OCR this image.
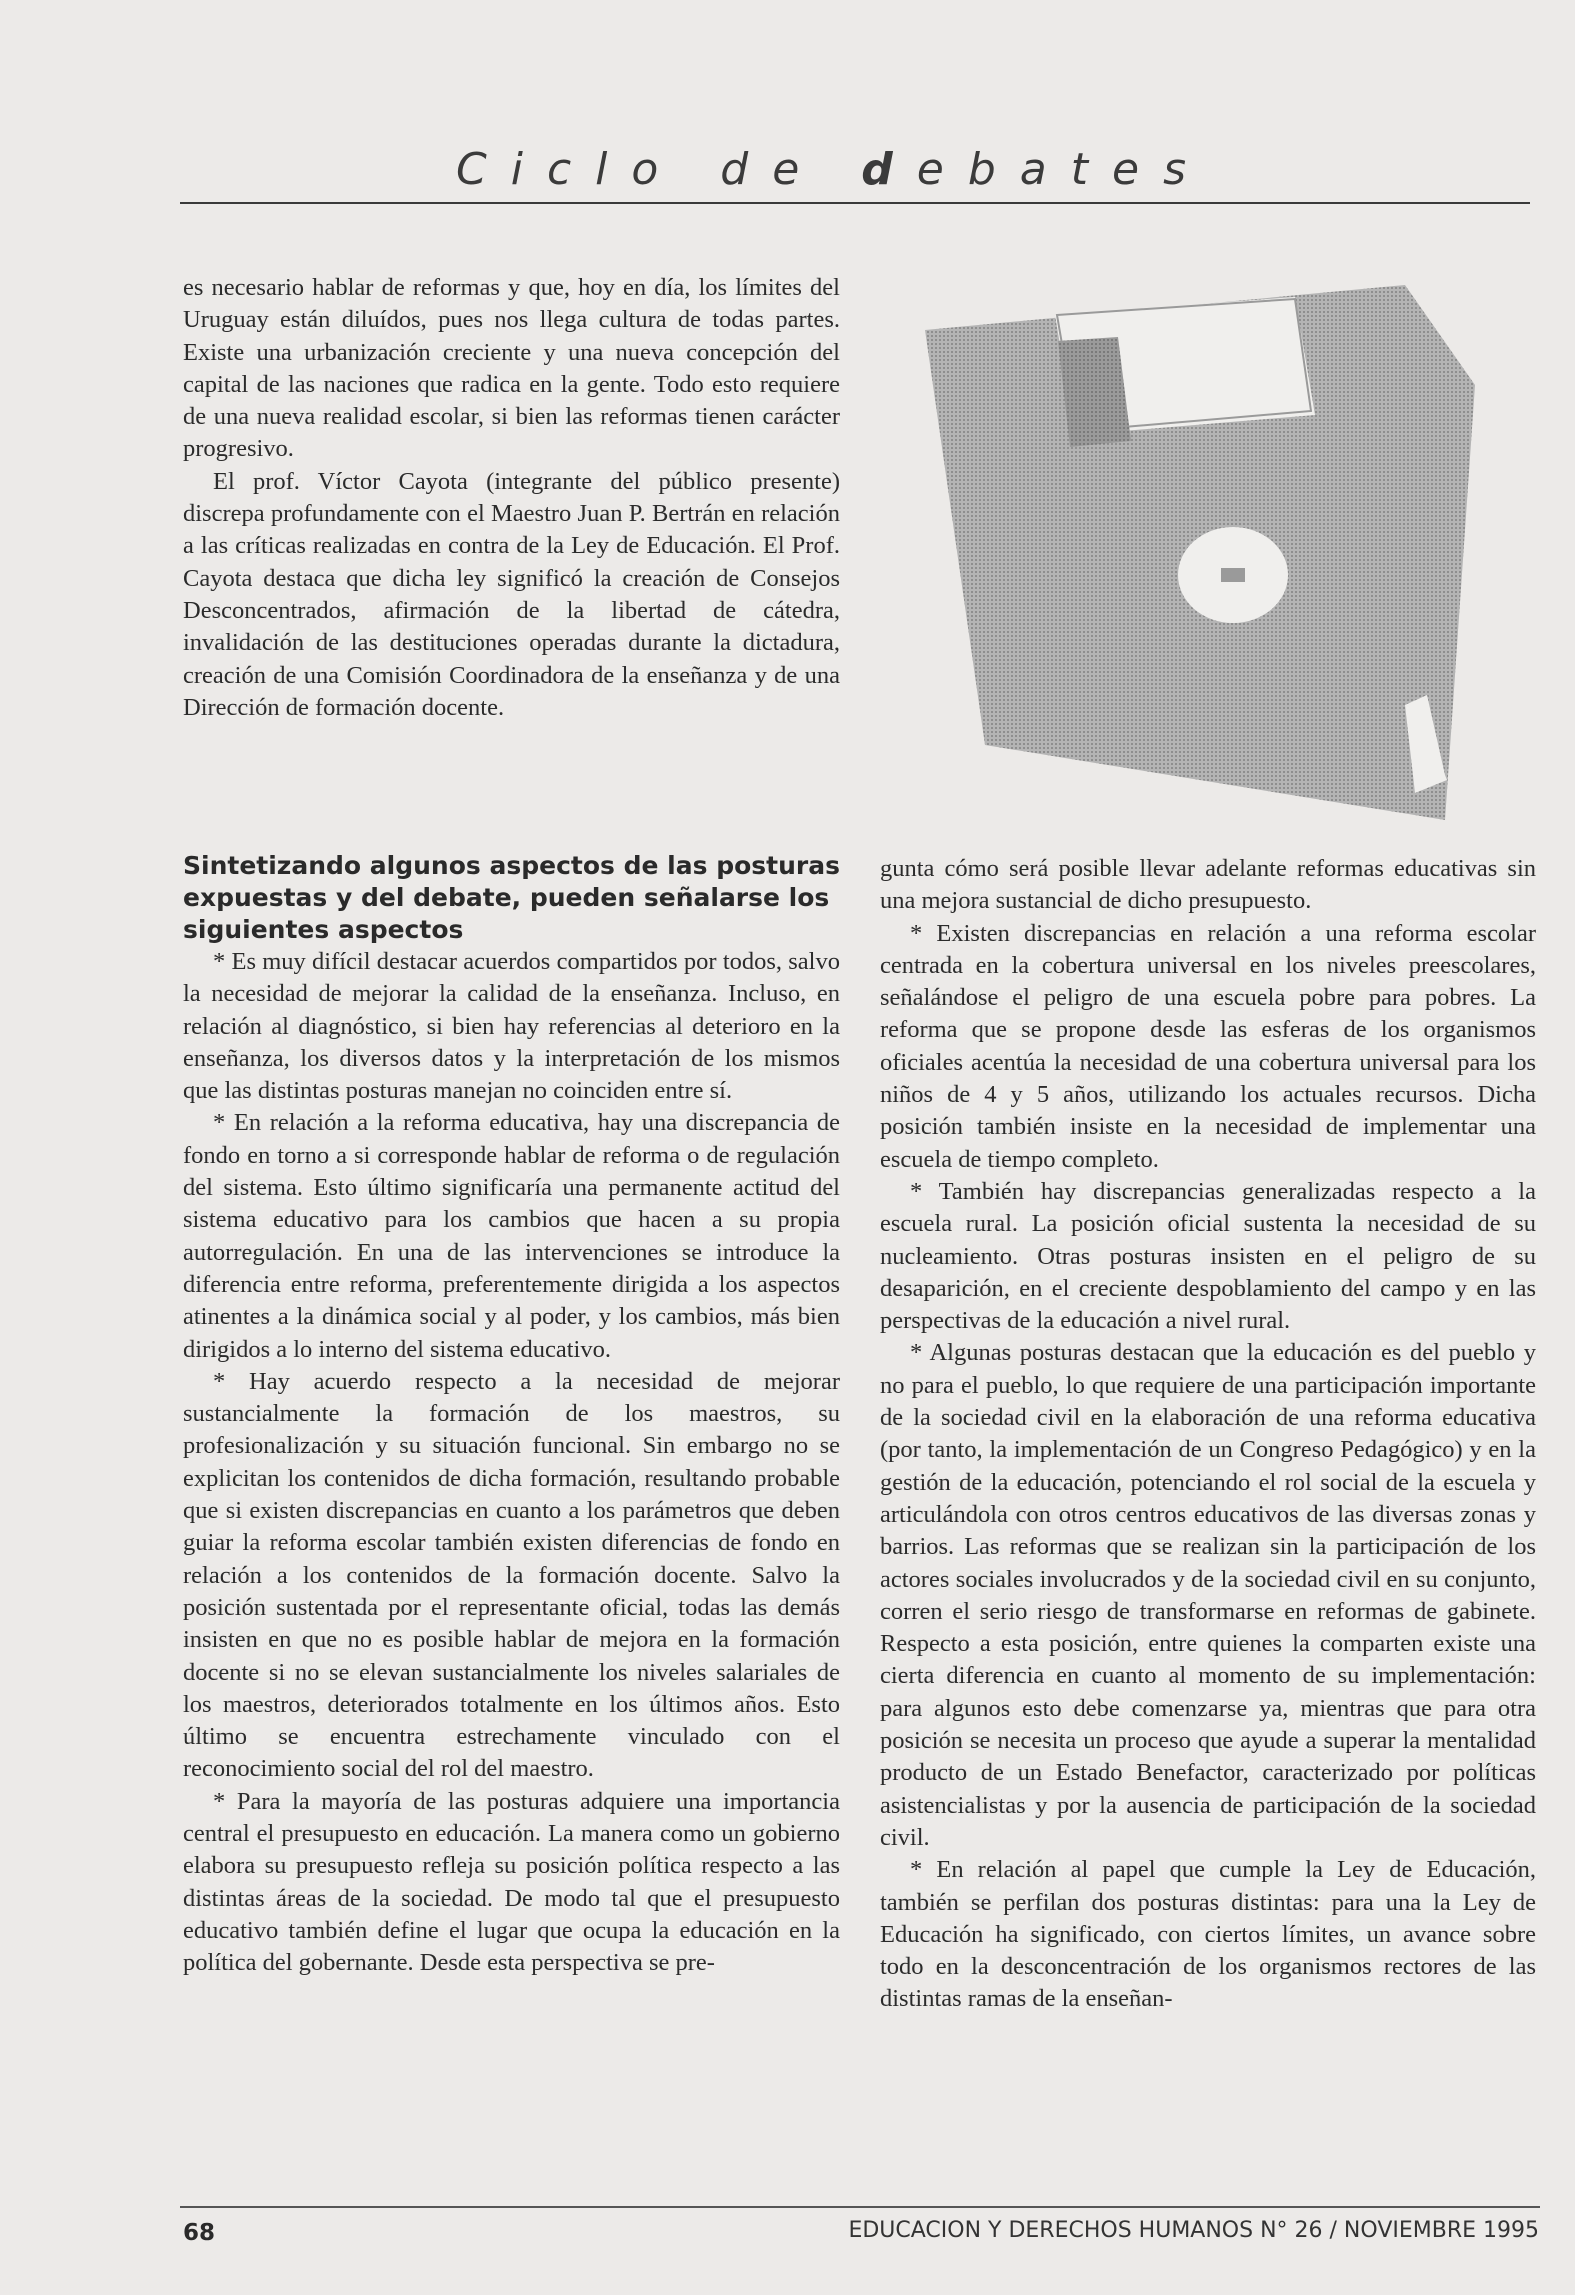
Ciclo de debates

es necesario hablar de reformas y que, hoy en día, los límites del Uruguay están diluídos, pues nos llega cultura de todas partes. Existe una urbanización creciente y una nueva concepción del capital de las naciones que radica en la gente. Todo esto requiere de una nueva realidad escolar, si bien las reformas tienen carácter progresivo.

El prof. Víctor Cayota (integrante del público presente) discrepa profundamente con el Maestro Juan P. Bertrán en relación a las críticas realizadas en contra de la Ley de Educación. El Prof. Cayota destaca que dicha ley significó la creación de Consejos Desconcentrados, afirmación de la libertad de cátedra, invalidación de las destituciones operadas durante la dictadura, creación de una Comisión Coordinadora de la enseñanza y de una Dirección de formación docente.

Sintetizando algunos aspectos de las posturas expuestas y del debate, pueden señalarse los siguientes aspectos

* Es muy difícil destacar acuerdos compartidos por todos, salvo la necesidad de mejorar la calidad de la enseñanza. Incluso, en relación al diagnóstico, si bien hay referencias al deterioro en la enseñanza, los diversos datos y la interpretación de los mismos que las distintas posturas manejan no coinciden entre sí.

* En relación a la reforma educativa, hay una discrepancia de fondo en torno a si corresponde hablar de reforma o de regulación del sistema. Esto último significaría una permanente actitud del sistema educativo para los cambios que hacen a su propia autorregulación. En una de las intervenciones se introduce la diferencia entre reforma, preferentemente dirigida a los aspectos atinentes a la dinámica social y al poder, y los cambios, más bien dirigidos a lo interno del sistema educativo.

* Hay acuerdo respecto a la necesidad de mejorar sustancialmente la formación de los maestros, su profesionalización y su situación funcional. Sin embargo no se explicitan los contenidos de dicha formación, resultando probable que si existen discrepancias en cuanto a los parámetros que deben guiar la reforma escolar también existen diferencias de fondo en relación a los contenidos de la formación docente. Salvo la posición sustentada por el representante oficial, todas las demás insisten en que no es posible hablar de mejora en la formación docente si no se elevan sustancialmente los niveles salariales de los maestros, deteriorados totalmente en los últimos años. Esto último se encuentra estrechamente vinculado con el reconocimiento social del rol del maestro.

* Para la mayoría de las posturas adquiere una importancia central el presupuesto en educación. La manera como un gobierno elabora su presupuesto refleja su posición política respecto a las distintas áreas de la sociedad. De modo tal que el presupuesto educativo también define el lugar que ocupa la educación en la política del gobernante. Desde esta perspectiva se pre-

gunta cómo será posible llevar adelante reformas educativas sin una mejora sustancial de dicho presupuesto.

* Existen discrepancias en relación a una reforma escolar centrada en la cobertura universal en los niveles preescolares, señalándose el peligro de una escuela pobre para pobres. La reforma que se propone desde las esferas de los organismos oficiales acentúa la necesidad de una cobertura universal para los niños de 4 y 5 años, utilizando los actuales recursos. Dicha posición también insiste en la necesidad de implementar una escuela de tiempo completo.

* También hay discrepancias generalizadas respecto a la escuela rural. La posición oficial sustenta la necesidad de su nucleamiento. Otras posturas insisten en el peligro de su desaparición, en el creciente despoblamiento del campo y en las perspectivas de la educación a nivel rural.

* Algunas posturas destacan que la educación es del pueblo y no para el pueblo, lo que requiere de una participación importante de la sociedad civil en la elaboración de una reforma educativa (por tanto, la implementación de un Congreso Pedagógico) y en la gestión de la educación, potenciando el rol social de la escuela y articulándola con otros centros educativos de las diversas zonas y barrios. Las reformas que se realizan sin la participación de los actores sociales involucrados y de la sociedad civil en su conjunto, corren el serio riesgo de transformarse en reformas de gabinete. Respecto a esta posición, entre quienes la comparten existe una cierta diferencia en cuanto al momento de su implementación: para algunos esto debe comenzarse ya, mientras que para otra posición se necesita un proceso que ayude a superar la mentalidad producto de un Estado Benefactor, caracterizado por políticas asistencialistas y por la ausencia de participación de la sociedad civil.

* En relación al papel que cumple la Ley de Educación, también se perfilan dos posturas distintas: para una la Ley de Educación ha significado, con ciertos límites, un avance sobre todo en la desconcentración de los organismos rectores de las distintas ramas de la enseñan-

68	EDUCACION Y DERECHOS HUMANOS N° 26 / NOVIEMBRE 1995
